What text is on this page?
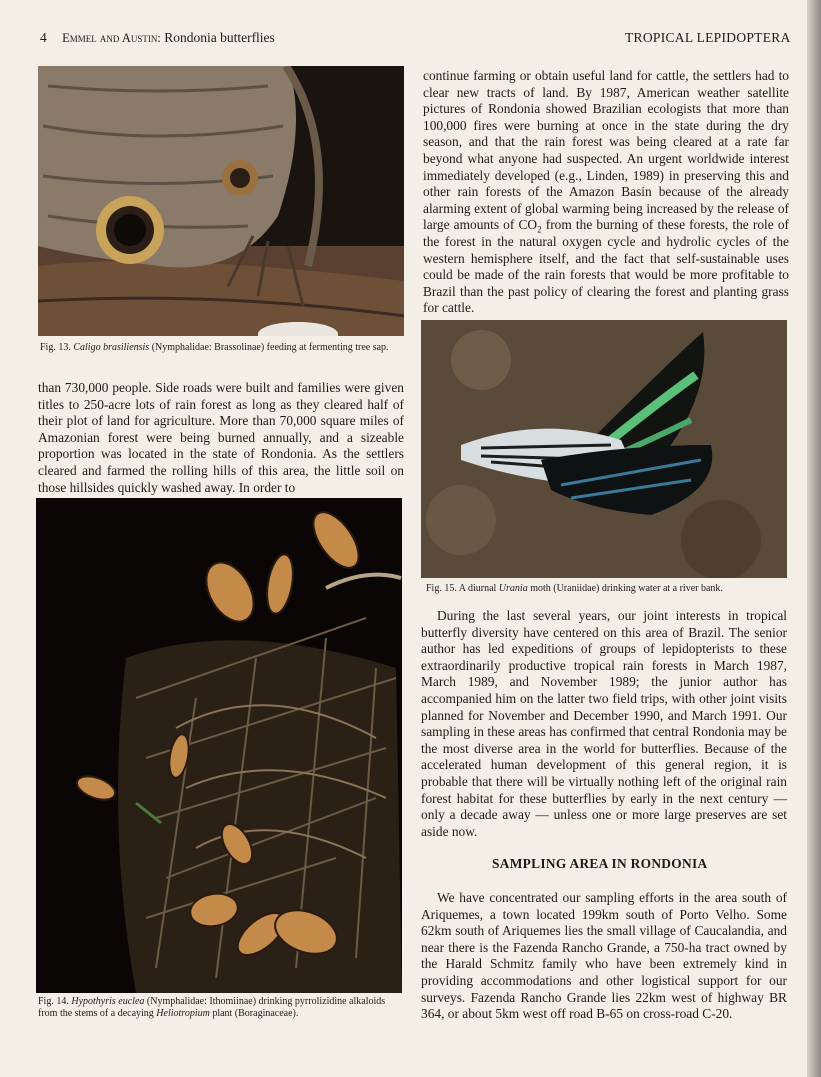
4 Emmel and Austin: Rondonia butterflies	TROPICAL LEPIDOPTERA
Fig. 13. Caligo brasiliensis (Nymphalidae: Brassolinae) feeding at fermenting tree sap.

than 730,000 people. Side roads were built and families were given titles to 250-acre lots of rain forest as long as they cleared half of their plot of land for agriculture. More than 70,000 square miles of Amazonian forest were being burned annually, and a sizeable proportion was located in the state of Rondonia. As the settlers cleared and farmed the rolling hills of this area, the little soil on those hillsides quickly washed away. In order to

Fig. 14. Hypothyris euclea (Nymphalidae: Ithomiinae) drinking pyrrolizidine alkaloids from the stems of a decaying Heliotropium plant (Boraginaceae).

continue farming or obtain useful land for cattle, the settlers had to clear new tracts of land. By 1987, American weather satellite pictures of Rondonia showed Brazilian ecologists that more than 100,000 fires were burning at once in the state during the dry season, and that the rain forest was being cleared at a rate far beyond what anyone had suspected. An urgent worldwide interest immediately developed (e.g., Linden, 1989) in preserving this and other rain forests of the Amazon Basin because of the already alarming extent of global warming being increased by the release of large amounts of $CO_2$ from the burning of these forests, the role of the forest in the natural oxygen cycle and hydrolic cycles of the western hemisphere itself, and the fact that self-sustainable uses could be made of the rain forests that would be more profitable to Brazil than the past policy of clearing the forest and planting grass for cattle.

Fig. 15. A diurnal Urania moth (Uraniidae) drinking water at a river bank.

During the last several years, our joint interests in tropical butterfly diversity have centered on this area of Brazil. The senior author has led expeditions of groups of lepidopterists to these extraordinarily productive tropical rain forests in March 1987, March 1989, and November 1989; the junior author has accompanied him on the latter two field trips, with other joint visits planned for November and December 1990, and March 1991. Our sampling in these areas has confirmed that central Rondonia may be the most diverse area in the world for butterflies. Because of the accelerated human development of this general region, it is probable that there will be virtually nothing left of the original rain forest habitat for these butterflies by early in the next century — only a decade away — unless one or more large preserves are set aside now.

SAMPLING AREA IN RONDONIA

We have concentrated our sampling efforts in the area south of Ariquemes, a town located 199km south of Porto Velho. Some 62km south of Ariquemes lies the small village of Caucalandia, and near there is the Fazenda Rancho Grande, a 750-ha tract owned by the Harald Schmitz family who have been extremely kind in providing accommodations and other logistical support for our surveys. Fazenda Rancho Grande lies 22km west of highway BR 364, or about 5km west off road B-65 on cross-road C-20.
